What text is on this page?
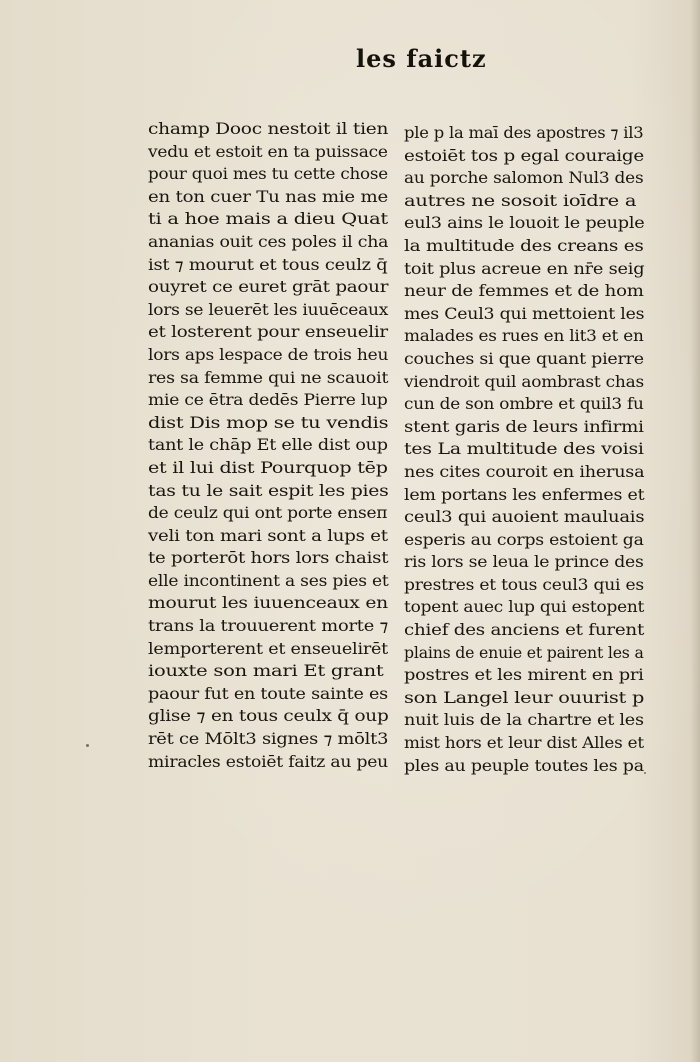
les faictz
champ Dooc nestoit il tien
vedu et estoit en ta puissace
pour quoi mes tu cette chose
en ton cuer Tu nas mie me
ti a hoe mais a dieu Quat
ananias ouit ces poles il cha
ist ⁊ mourut et tous ceulz q̄
ouyret ce euret grāt paour
lors se leuerēt les iuuēceaux
et losterent pour enseuelir
lors aps lespace de trois heu
res sa femme qui ne scauoit
mie ce ētra dedēs Pierre lup
dist Dis mop se tu vendis
tant le chāp Et elle dist oup
et il lui dist Pourquop tēp
tas tu le sait espit les pies
de ceulz qui ont porte enseп
veli ton mari sont a lups et
te porterōt hors lors chaist
elle incontinent a ses pies et
mourut les iuuenceaux en
trans la trouuerent morte ⁊
lemporterent et enseuelirēt
iouxte son mari Et grant
paour fut en toute sainte es
glise ⁊ en tous ceulx q̄ oup
rēt ce Mōlt3 signes ⁊ mōlt3
miracles estoiēt faitz au peu
ple p la maī des apostres ⁊ il3
estoiēt tos p egal couraige
au porche salomon Nul3 des
autres ne sosoit ioīdre a
eul3 ains le louoit le peuple
la multitude des creans es
toit plus acreue en nr̄e seig
neur de femmes et de hom
mes Ceul3 qui mettoient les
malades es rues en lit3 et en
couches si que quant pierre
viendroit quil aombrast chas
cun de son ombre et quil3 fu
stent garis de leurs infirmi
tes La multitude des voisi
nes cites couroit en iherusa
lem portans les enfermes et
ceul3 qui auoient mauluais
esperis au corps estoient ga
ris lors se leua le prince des
prestres et tous ceul3 qui es
topent auec lup qui estopent
chief des anciens et furent
plains de enuie et pairent les a
postres et les mirent en pri
son Langel leur ouurist p
nuit luis de la chartre et les
mist hors et leur dist Alles et
ples au peuple toutes les pa
